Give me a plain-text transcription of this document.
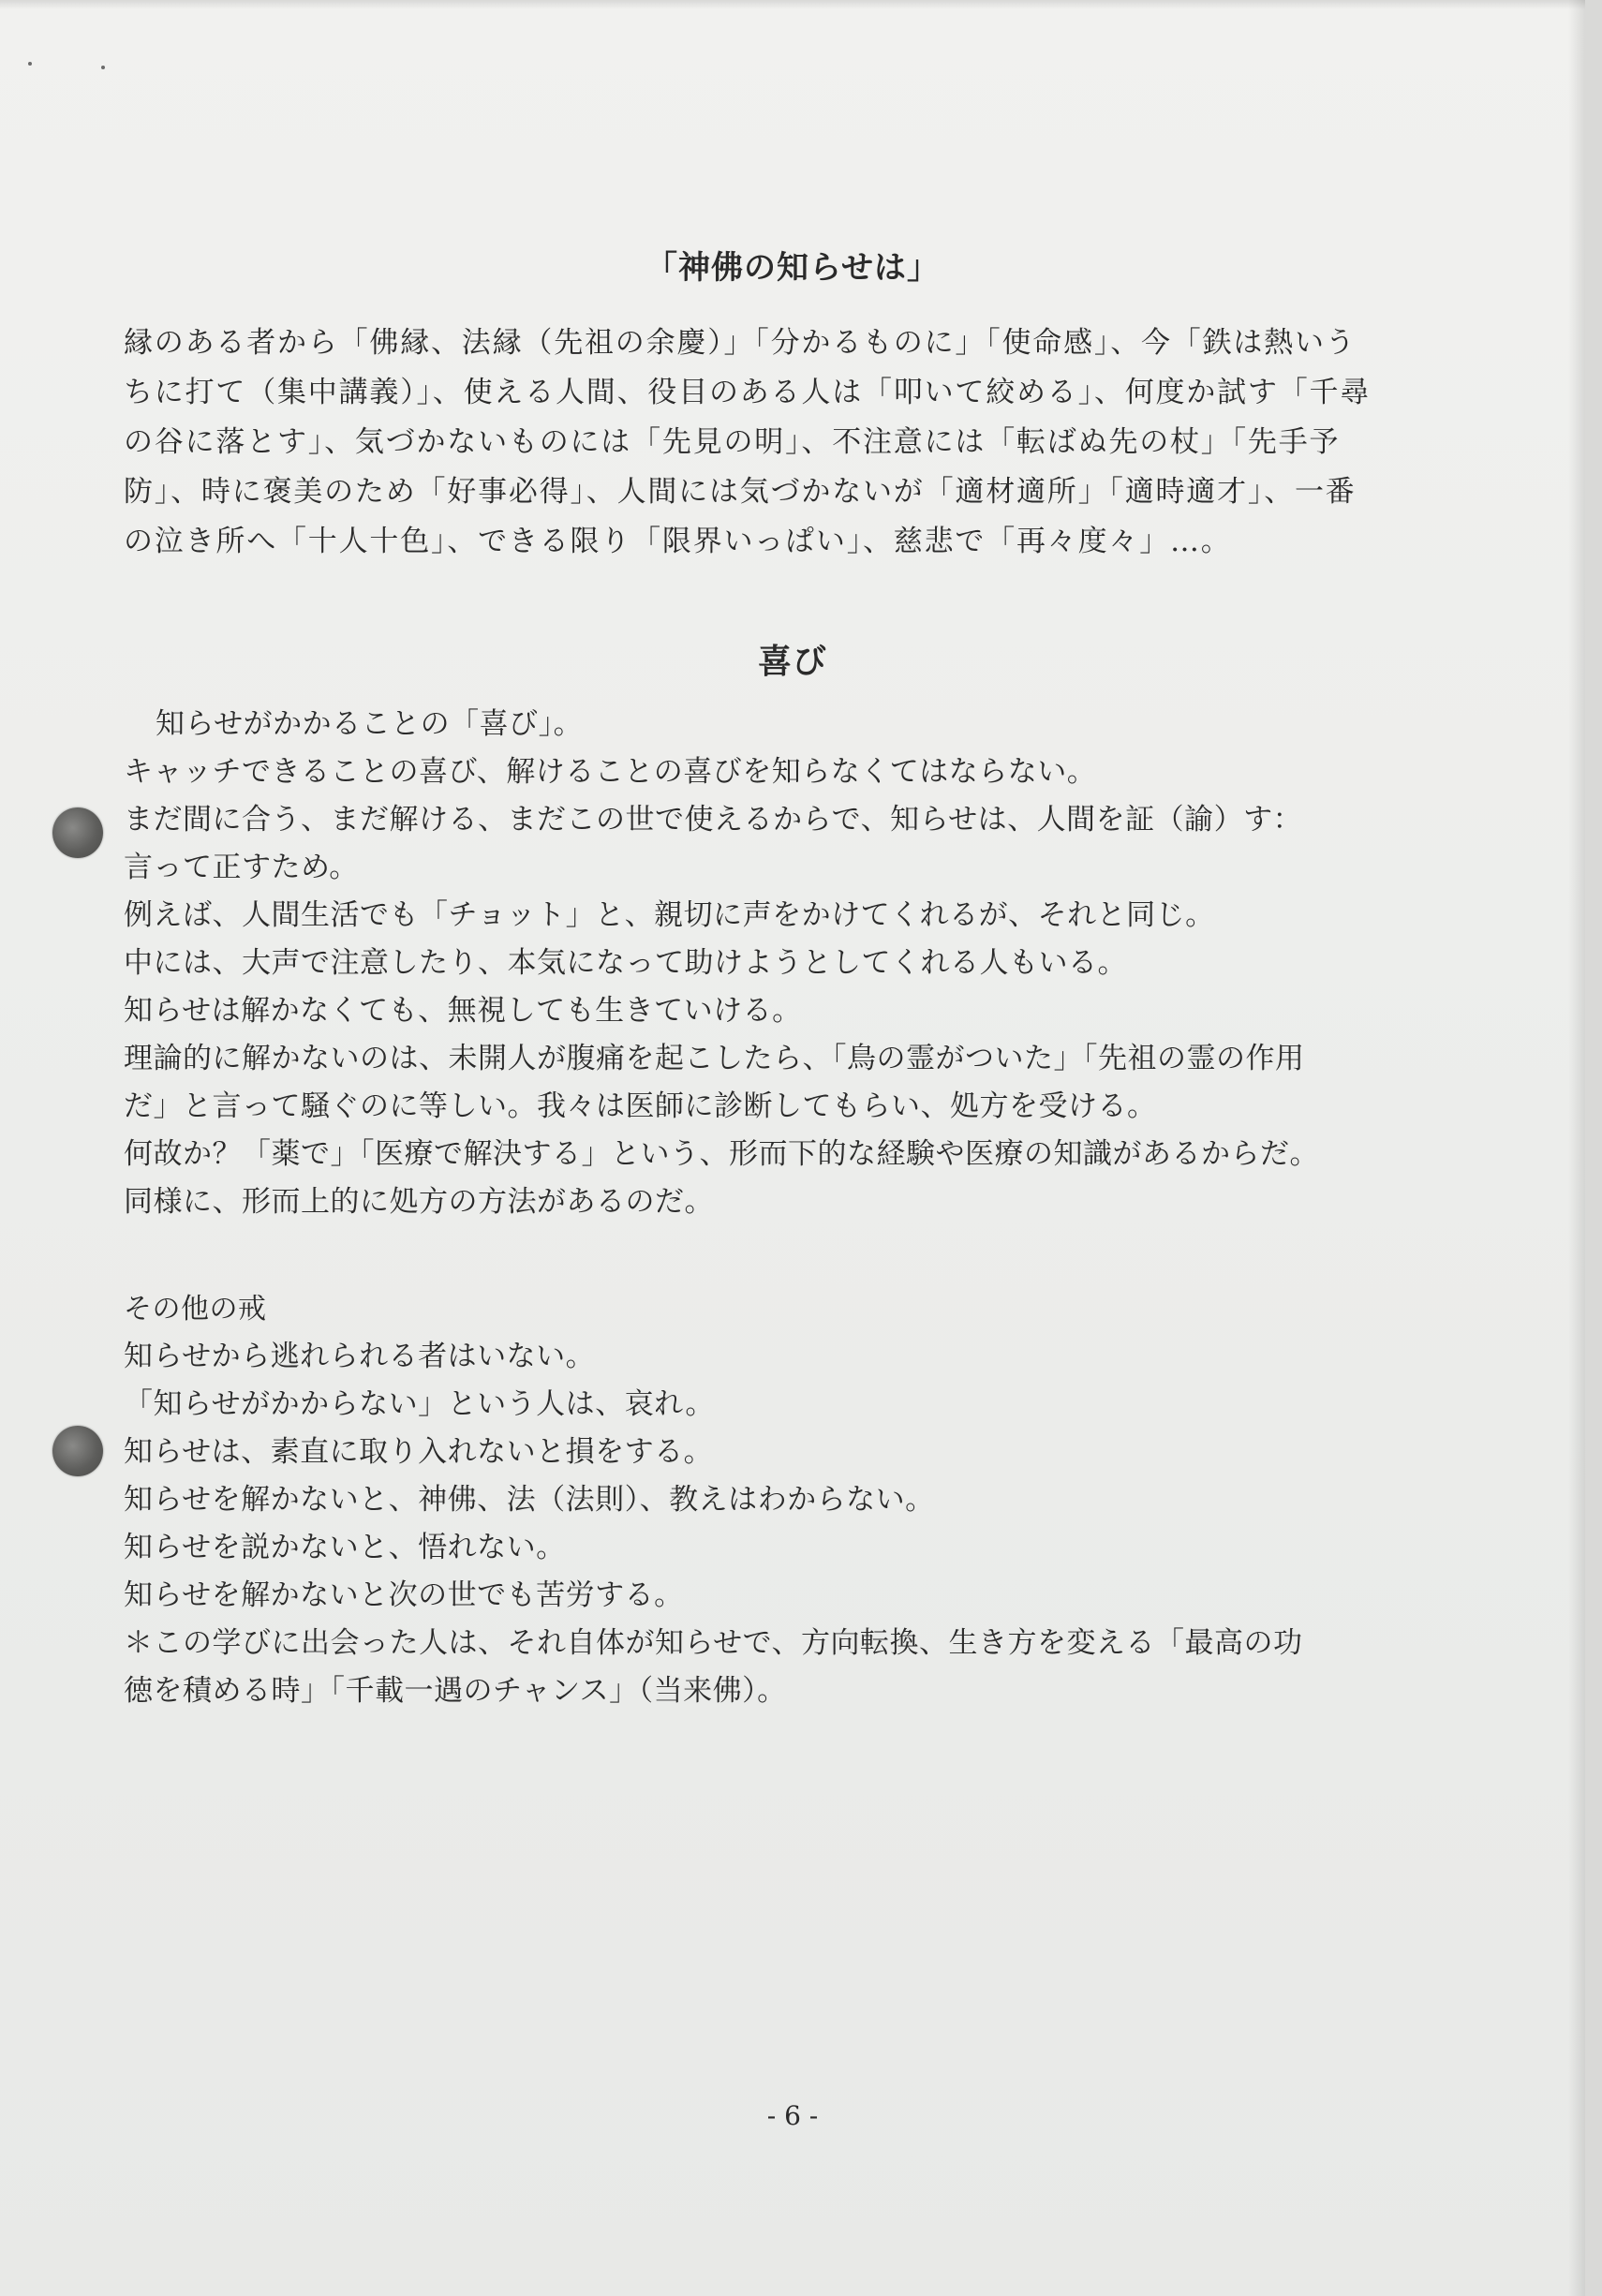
「神佛の知らせは」
縁のある者から「佛縁、法縁（先祖の余慶）」「分かるものに」「使命感」、今「鉄は熱いう
ちに打て（集中講義）」、使える人間、役目のある人は「叩いて絞める」、何度か試す「千尋
の谷に落とす」、気づかないものには「先見の明」、不注意には「転ばぬ先の杖」「先手予
防」、時に褒美のため「好事必得」、人間には気づかないが「適材適所」「適時適才」、一番
の泣き所へ「十人十色」、できる限り「限界いっぱい」、慈悲で「再々度々」…。
喜び
知らせがかかることの「喜び」。
キャッチできることの喜び、解けることの喜びを知らなくてはならない。
まだ間に合う、まだ解ける、まだこの世で使えるからで、知らせは、人間を証（諭）す：
言って正すため。
例えば、人間生活でも「チョット」と、親切に声をかけてくれるが、それと同じ。
中には、大声で注意したり、本気になって助けようとしてくれる人もいる。
知らせは解かなくても、無視しても生きていける。
理論的に解かないのは、未開人が腹痛を起こしたら、「鳥の霊がついた」「先祖の霊の作用
だ」と言って騒ぐのに等しい。我々は医師に診断してもらい、処方を受ける。
何故か？「薬で」「医療で解決する」という、形而下的な経験や医療の知識があるからだ。
同様に、形而上的に処方の方法があるのだ。
その他の戒
知らせから逃れられる者はいない。
「知らせがかからない」という人は、哀れ。
知らせは、素直に取り入れないと損をする。
知らせを解かないと、神佛、法（法則）、教えはわからない。
知らせを説かないと、悟れない。
知らせを解かないと次の世でも苦労する。
＊この学びに出会った人は、それ自体が知らせで、方向転換、生き方を変える「最高の功
徳を積める時」「千載一遇のチャンス」（当来佛）。

- 6 -
